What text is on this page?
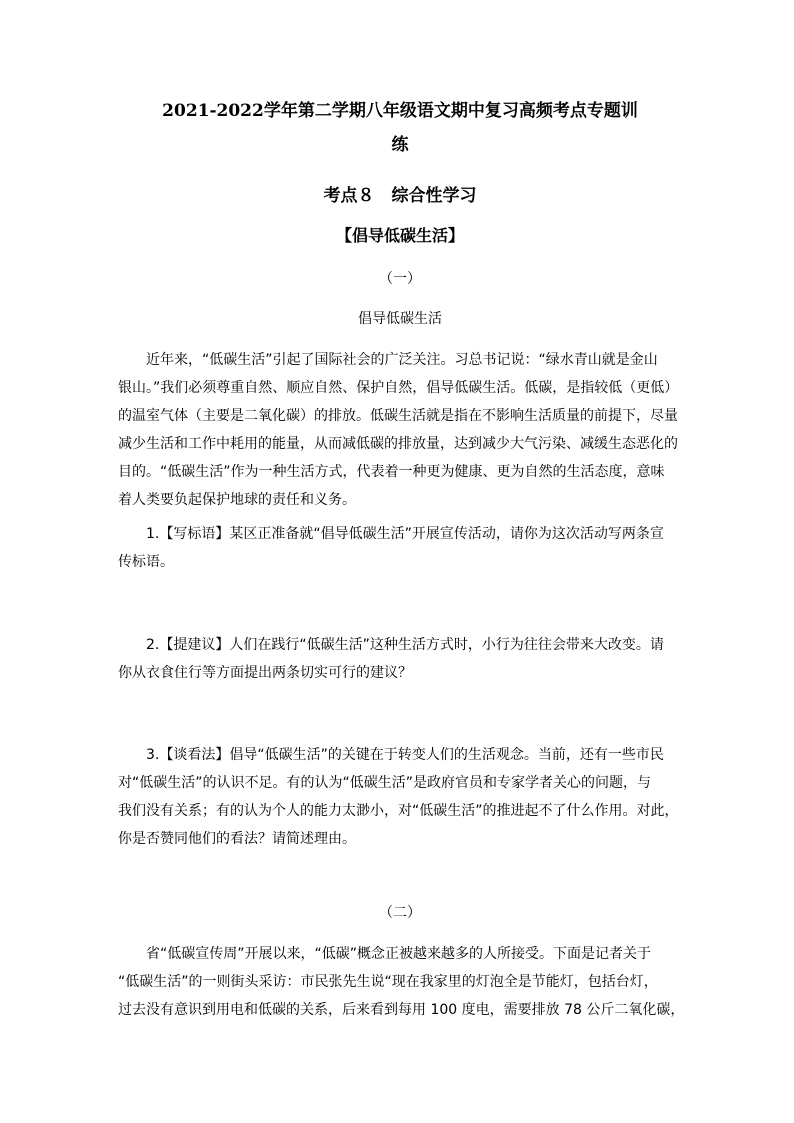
2021-2022学年第二学期八年级语文期中复习高频考点专题训
练
考点８　综合性学习
【倡导低碳生活】
（一）
倡导低碳生活
近年来，“低碳生活”引起了国际社会的广泛关注。习总书记说：“绿水青山就是金山
银山。”我们必须尊重自然、顺应自然、保护自然，倡导低碳生活。低碳，是指较低（更低）
的温室气体（主要是二氧化碳）的排放。低碳生活就是指在不影响生活质量的前提下，尽量
减少生活和工作中耗用的能量，从而减低碳的排放量，达到减少大气污染、减缓生态恶化的
目的。“低碳生活”作为一种生活方式，代表着一种更为健康、更为自然的生活态度，意味
着人类要负起保护地球的责任和义务。
1.【写标语】某区正准备就“倡导低碳生活”开展宣传活动，请你为这次活动写两条宣
传标语。
2.【提建议】人们在践行“低碳生活”这种生活方式时，小行为往往会带来大改变。请
你从衣食住行等方面提出两条切实可行的建议？
3.【谈看法】倡导“低碳生活”的关键在于转变人们的生活观念。当前，还有一些市民
对“低碳生活”的认识不足。有的认为“低碳生活”是政府官员和专家学者关心的问题，与
我们没有关系；有的认为个人的能力太渺小，对“低碳生活”的推进起不了什么作用。对此，
你是否赞同他们的看法？请简述理由。
（二）
省“低碳宣传周”开展以来，“低碳”概念正被越来越多的人所接受。下面是记者关于
“低碳生活”的一则街头采访：市民张先生说“现在我家里的灯泡全是节能灯，包括台灯，
过去没有意识到用电和低碳的关系，后来看到每用 100 度电，需要排放 78 公斤二氧化碳，
